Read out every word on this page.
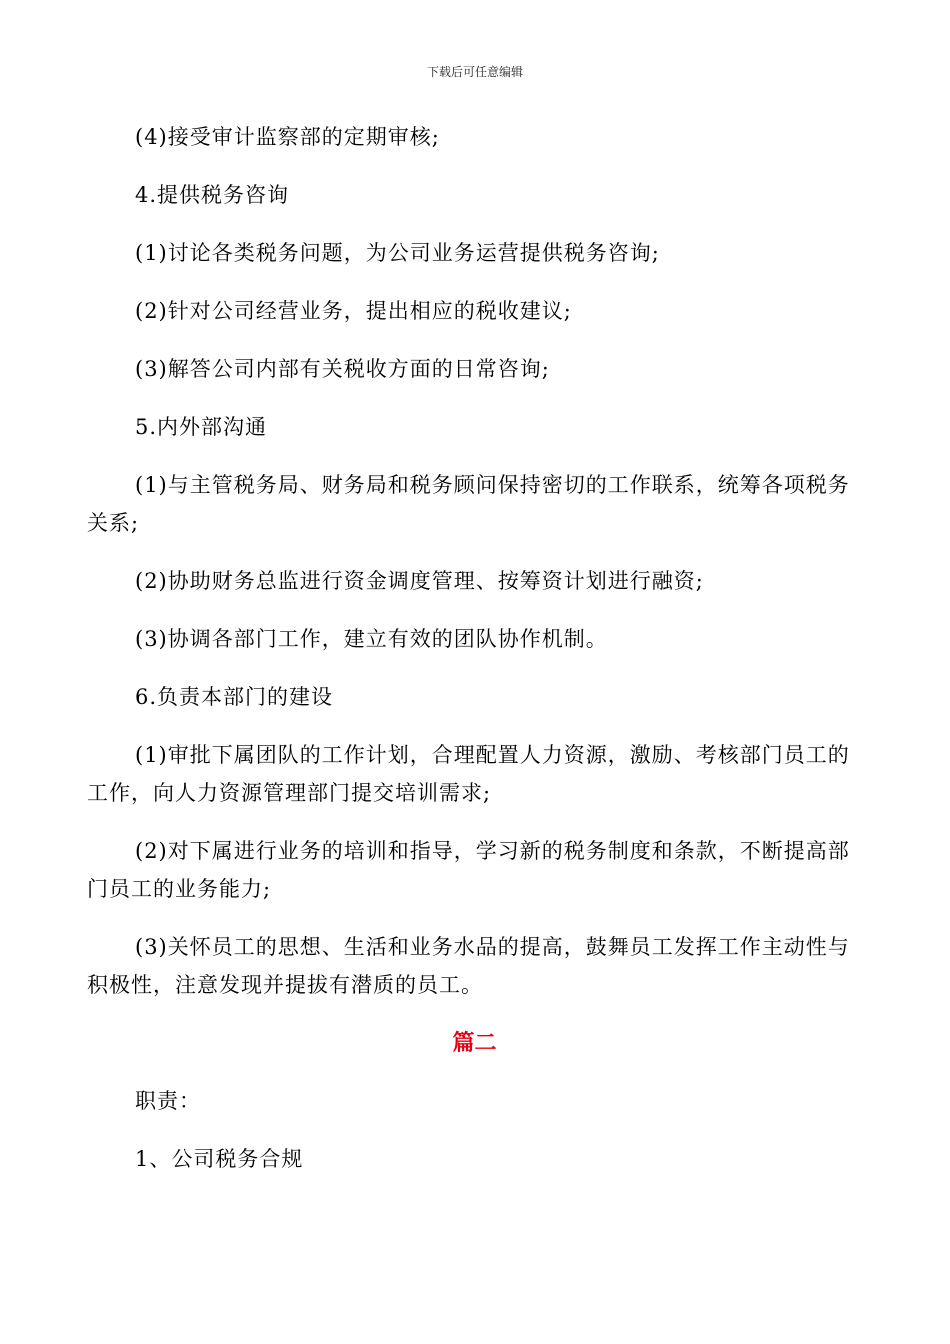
下载后可任意编辑

(4)接受审计监察部的定期审核;

4.提供税务咨询

(1)讨论各类税务问题，为公司业务运营提供税务咨询;

(2)针对公司经营业务，提出相应的税收建议;

(3)解答公司内部有关税收方面的日常咨询;

5.内外部沟通

(1)与主管税务局、财务局和税务顾问保持密切的工作联系，统筹各项税务关系;

(2)协助财务总监进行资金调度管理、按筹资计划进行融资;

(3)协调各部门工作，建立有效的团队协作机制。

6.负责本部门的建设

(1)审批下属团队的工作计划，合理配置人力资源，激励、考核部门员工的工作，向人力资源管理部门提交培训需求;

(2)对下属进行业务的培训和指导，学习新的税务制度和条款，不断提高部门员工的业务能力;

(3)关怀员工的思想、生活和业务水品的提高，鼓舞员工发挥工作主动性与积极性，注意发现并提拔有潜质的员工。

篇二

职责：

1、公司税务合规
